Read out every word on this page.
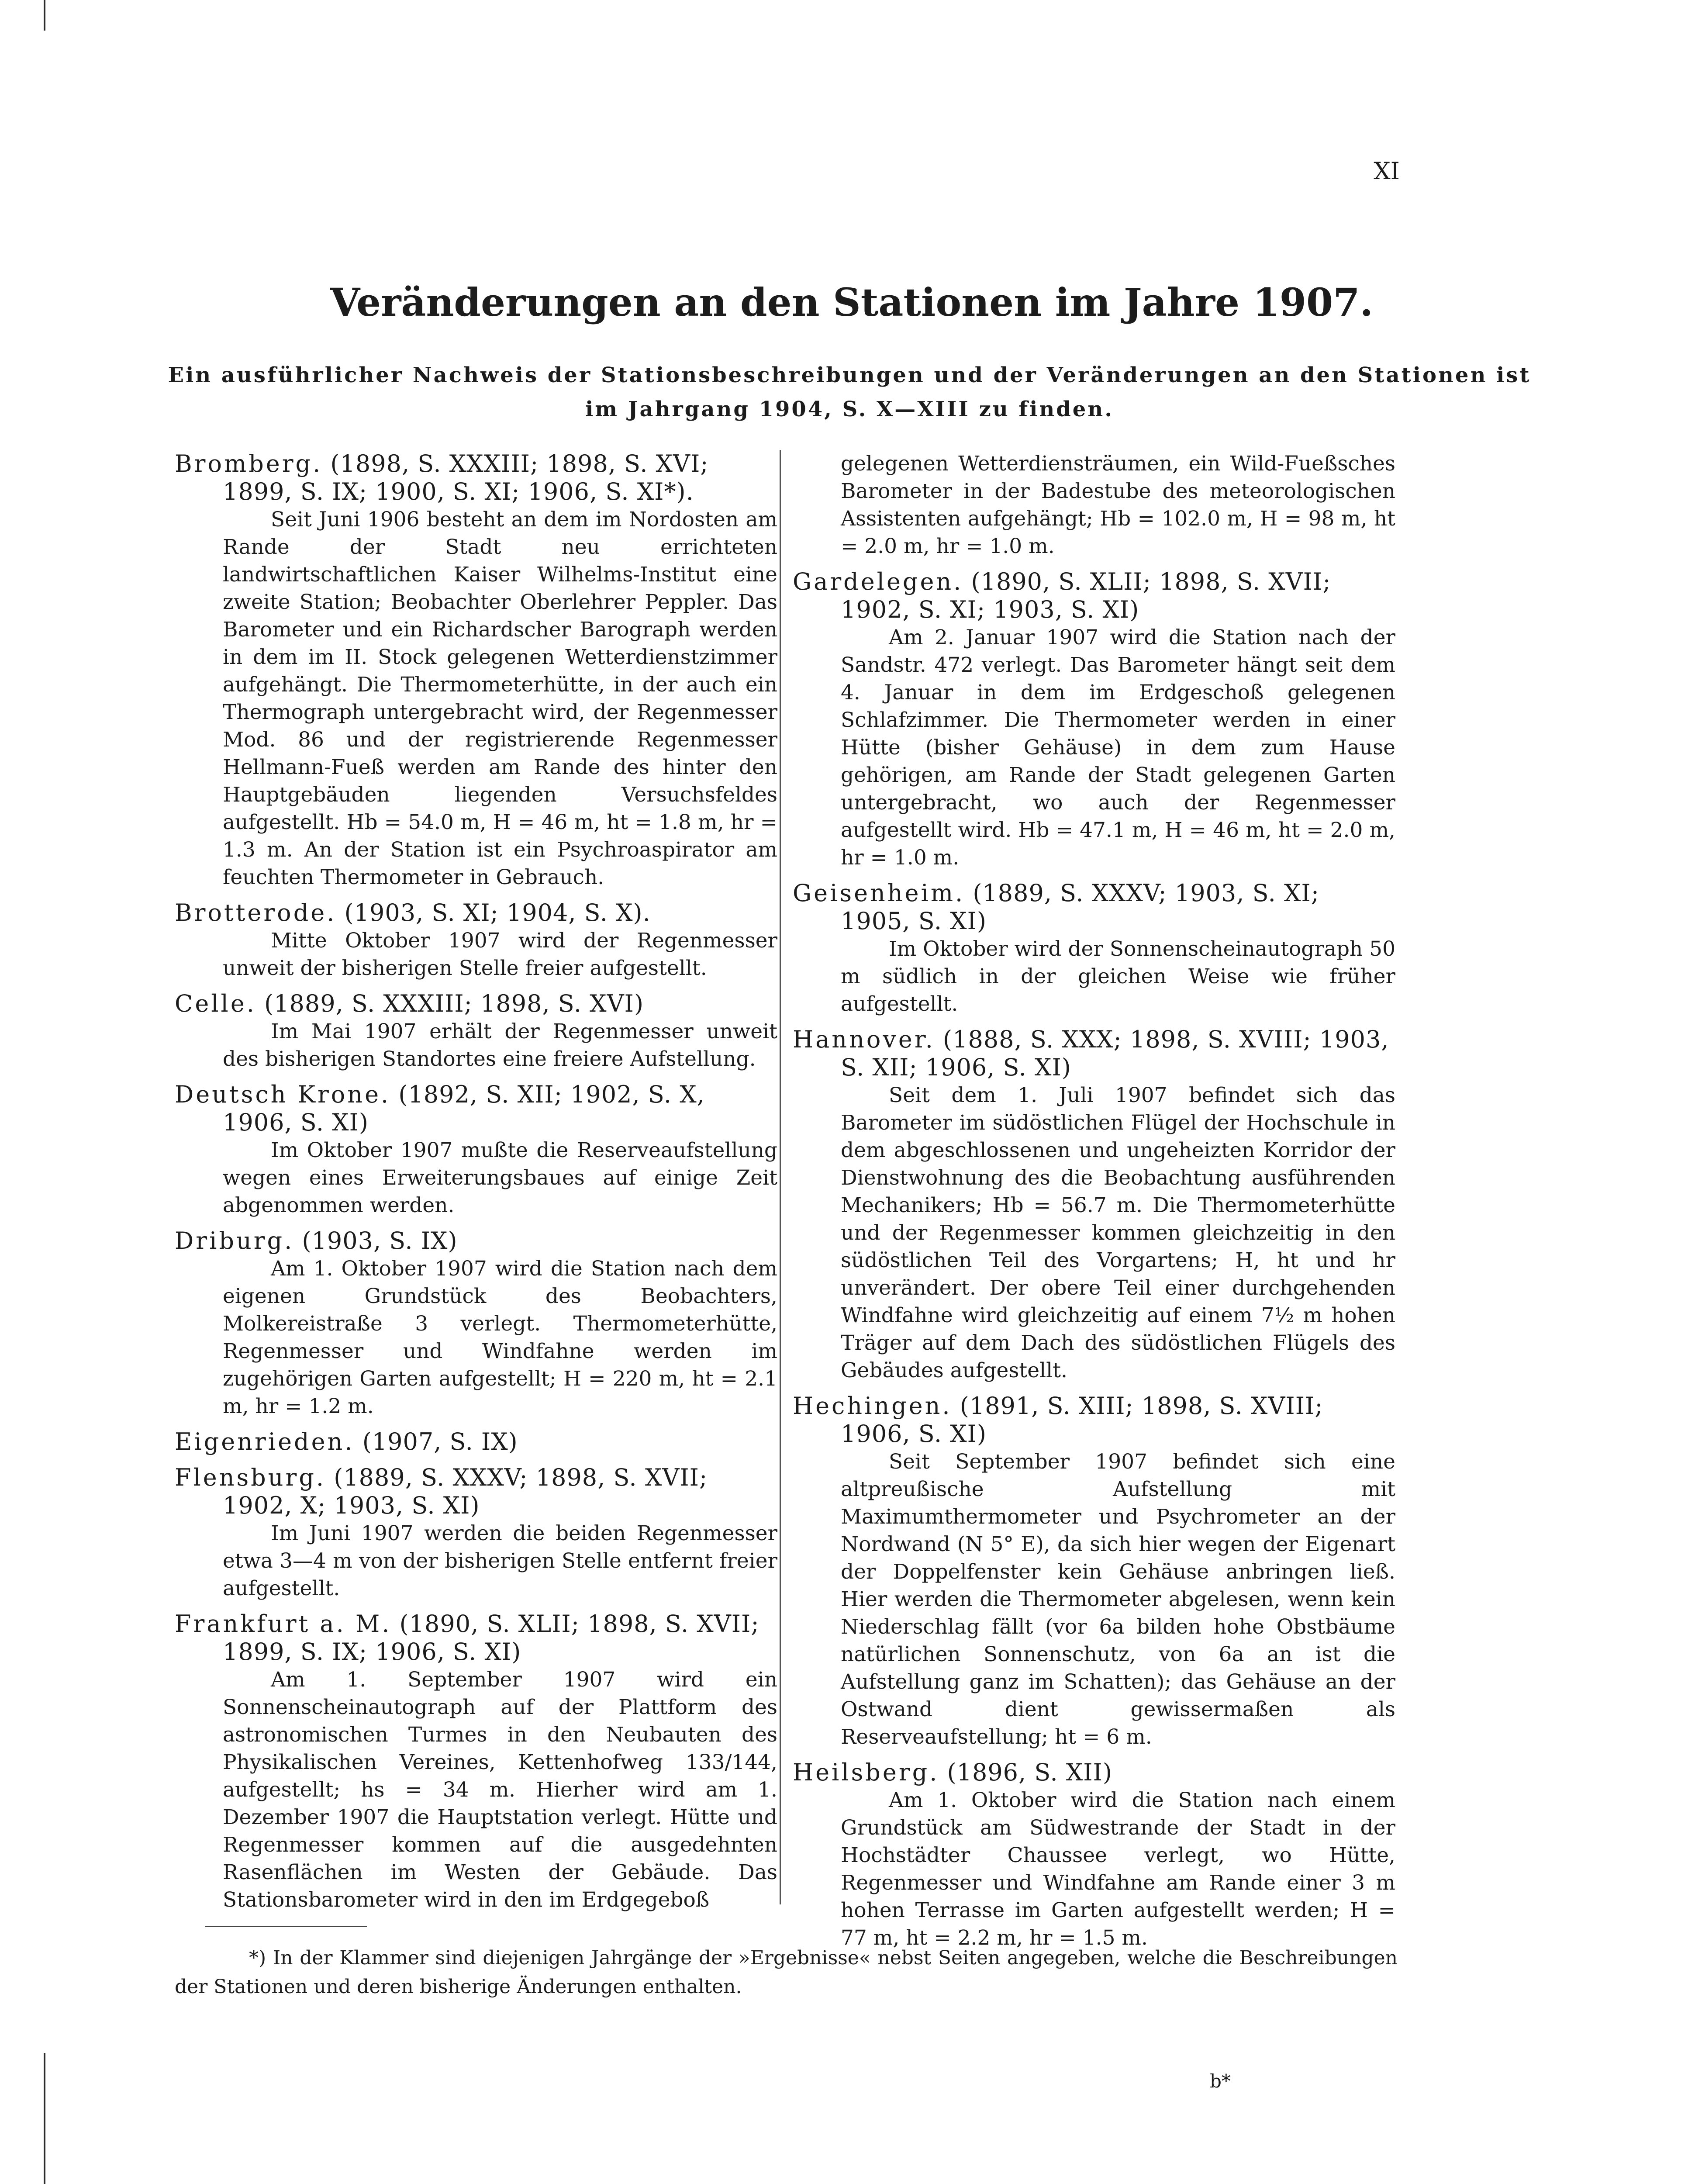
XI
Veränderungen an den Stationen im Jahre 1907.
Ein ausführlicher Nachweis der Stationsbeschreibungen und der Veränderungen an den Stationen ist im Jahrgang 1904, S. X—XIII zu finden.
Bromberg. (1898, S. XXXIII; 1898, S. XVI; 1899, S. IX; 1900, S. XI; 1906, S. XI*).

Seit Juni 1906 besteht an dem im Nordosten am Rande der Stadt neu errichteten landwirtschaftlichen Kaiser Wilhelms-Institut eine zweite Station; Beobachter Oberlehrer Peppler. Das Barometer und ein Richardscher Barograph werden in dem im II. Stock gelegenen Wetterdienstzimmer aufgehängt. Die Thermometerhütte, in der auch ein Thermograph untergebracht wird, der Regenmesser Mod. 86 und der registrierende Regenmesser Hellmann-Fueß werden am Rande des hinter den Hauptgebäuden liegenden Versuchsfeldes aufgestellt. Hb = 54.0 m, H = 46 m, ht = 1.8 m, hr = 1.3 m. An der Station ist ein Psychroaspirator am feuchten Thermometer in Gebrauch.

Brotterode. (1903, S. XI; 1904, S. X).

Mitte Oktober 1907 wird der Regenmesser unweit der bisherigen Stelle freier aufgestellt.

Celle. (1889, S. XXXIII; 1898, S. XVI)

Im Mai 1907 erhält der Regenmesser unweit des bisherigen Standortes eine freiere Aufstellung.

Deutsch Krone. (1892, S. XII; 1902, S. X, 1906, S. XI)

Im Oktober 1907 mußte die Reserveaufstellung wegen eines Erweiterungsbaues auf einige Zeit abgenommen werden.

Driburg. (1903, S. IX)

Am 1. Oktober 1907 wird die Station nach dem eigenen Grundstück des Beobachters, Molkereistraße 3 verlegt. Thermometerhütte, Regenmesser und Windfahne werden im zugehörigen Garten aufgestellt; H = 220 m, ht = 2.1 m, hr = 1.2 m.

Eigenrieden. (1907, S. IX)
Flensburg. (1889, S. XXXV; 1898, S. XVII; 1902, X; 1903, S. XI)

Im Juni 1907 werden die beiden Regenmesser etwa 3—4 m von der bisherigen Stelle entfernt freier aufgestellt.

Frankfurt a. M. (1890, S. XLII; 1898, S. XVII; 1899, S. IX; 1906, S. XI)

Am 1. September 1907 wird ein Sonnenscheinautograph auf der Plattform des astronomischen Turmes in den Neubauten des Physikalischen Vereines, Kettenhofweg 133/144, aufgestellt; hs = 34 m. Hierher wird am 1. Dezember 1907 die Hauptstation verlegt. Hütte und Regenmesser kommen auf die ausgedehnten Rasenflächen im Westen der Gebäude. Das Stationsbarometer wird in den im Erdgegeboß

gelegenen Wetterdiensträumen, ein Wild-Fueßsches Barometer in der Badestube des meteorologischen Assistenten aufgehängt; Hb = 102.0 m, H = 98 m, ht = 2.0 m, hr = 1.0 m.

Gardelegen. (1890, S. XLII; 1898, S. XVII; 1902, S. XI; 1903, S. XI)

Am 2. Januar 1907 wird die Station nach der Sandstr. 472 verlegt. Das Barometer hängt seit dem 4. Januar in dem im Erdgeschoß gelegenen Schlafzimmer. Die Thermometer werden in einer Hütte (bisher Gehäuse) in dem zum Hause gehörigen, am Rande der Stadt gelegenen Garten untergebracht, wo auch der Regenmesser aufgestellt wird. Hb = 47.1 m, H = 46 m, ht = 2.0 m, hr = 1.0 m.

Geisenheim. (1889, S. XXXV; 1903, S. XI; 1905, S. XI)

Im Oktober wird der Sonnenscheinautograph 50 m südlich in der gleichen Weise wie früher aufgestellt.

Hannover. (1888, S. XXX; 1898, S. XVIII; 1903, S. XII; 1906, S. XI)

Seit dem 1. Juli 1907 befindet sich das Barometer im südöstlichen Flügel der Hochschule in dem abgeschlossenen und ungeheizten Korridor der Dienstwohnung des die Beobachtung ausführenden Mechanikers; Hb = 56.7 m. Die Thermometerhütte und der Regenmesser kommen gleichzeitig in den südöstlichen Teil des Vorgartens; H, ht und hr unverändert. Der obere Teil einer durchgehenden Windfahne wird gleichzeitig auf einem 7½ m hohen Träger auf dem Dach des südöstlichen Flügels des Gebäudes aufgestellt.

Hechingen. (1891, S. XIII; 1898, S. XVIII; 1906, S. XI)

Seit September 1907 befindet sich eine altpreußische Aufstellung mit Maximumthermometer und Psychrometer an der Nordwand (N 5° E), da sich hier wegen der Eigenart der Doppelfenster kein Gehäuse anbringen ließ. Hier werden die Thermometer abgelesen, wenn kein Niederschlag fällt (vor 6a bilden hohe Obstbäume natürlichen Sonnenschutz, von 6a an ist die Aufstellung ganz im Schatten); das Gehäuse an der Ostwand dient gewissermaßen als Reserveaufstellung; ht = 6 m.

Heilsberg. (1896, S. XII)

Am 1. Oktober wird die Station nach einem Grundstück am Südwestrande der Stadt in der Hochstädter Chaussee verlegt, wo Hütte, Regenmesser und Windfahne am Rande einer 3 m hohen Terrasse im Garten aufgestellt werden; H = 77 m, ht = 2.2 m, hr = 1.5 m.

*) In der Klammer sind diejenigen Jahrgänge der »Ergebnisse« nebst Seiten angegeben, welche die Beschreibungen der Stationen und deren bisherige Änderungen enthalten.
b*
